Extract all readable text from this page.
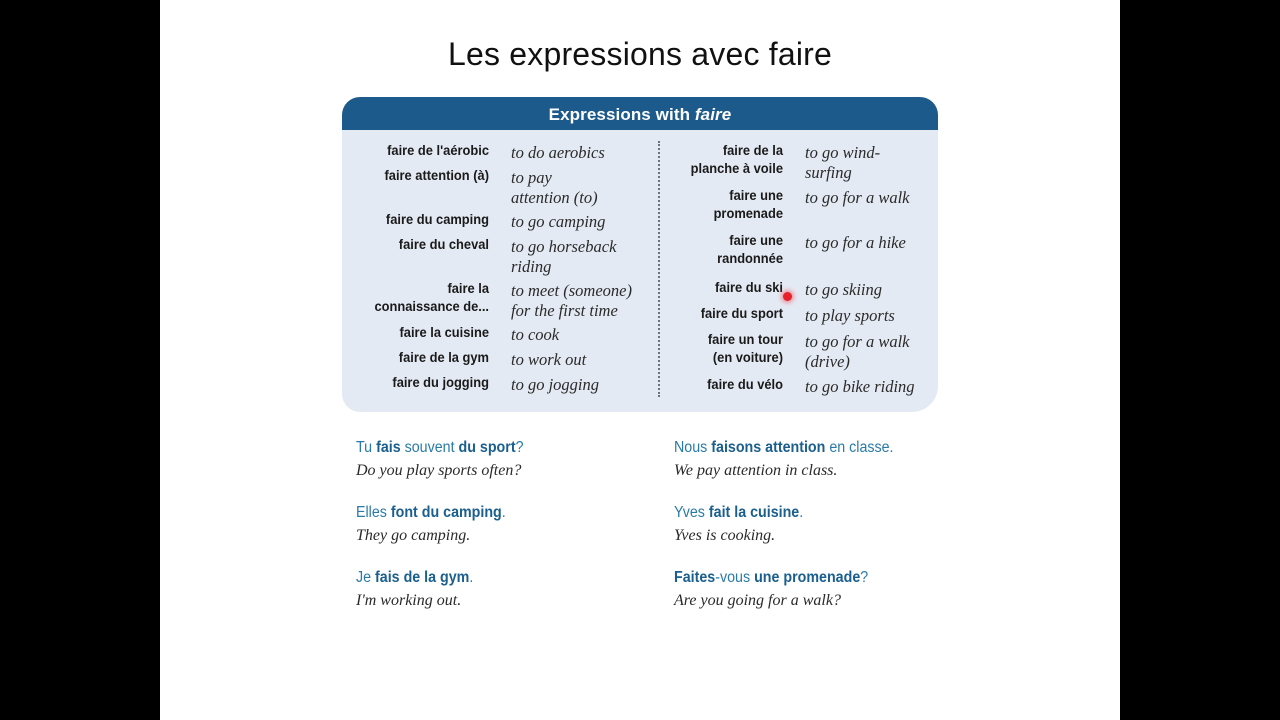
Les expressions avec faire
Expressions with faire
faire de l'aérobic to do aerobics
faire attention (à) to pay
attention (to)
faire du camping to go camping
faire du cheval to go horseback
riding
faire la
connaissance de...
to meet (someone)
for the first time
faire la cuisine to cook
faire de la gym to work out
faire du jogging to go jogging
faire de la
planche à voile
to go wind-
surfing
faire une
promenade
to go for a walk
faire une
randonnée
to go for a hike
faire du ski to go skiing
faire du sport to play sports
faire un tour
(en voiture)
to go for a walk
(drive)
faire du vélo to go bike riding
Tu fais souvent du sport?
Do you play sports often?
Elles font du camping.
They go camping.
Je fais de la gym.
I'm working out.
Nous faisons attention en classe.
We pay attention in class.
Yves fait la cuisine.
Yves is cooking.
Faites-vous une promenade?
Are you going for a walk?
